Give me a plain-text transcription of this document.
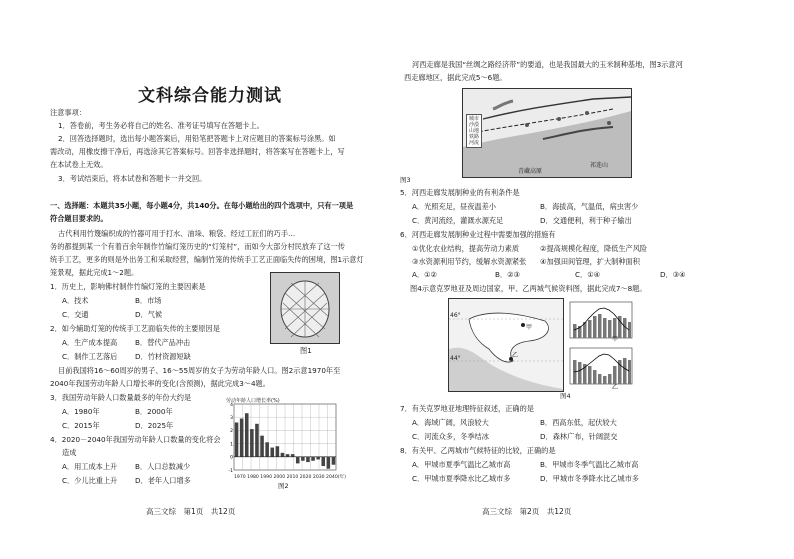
文科综合能力测试
注意事项：
1．答卷前，考生务必将自己的姓名、准考证号填写在答题卡上。
2．回答选择题时，选出每小题答案后，用铅笔把答题卡上对应题目的答案标号涂黑。如
需改动，用橡皮擦干净后，再选涂其它答案标号。回答非选择题时，将答案写在答题卡上，写
在本试卷上无效。
3．考试结束后，将本试卷和答题卡一并交回。
一、选择题：本题共35小题，每小题4分，共140分。在每小题给出的四个选项中，只有一项是
符合题目要求的。
古代利用竹篾编织成的竹器可用于打水、油垛、粮袋、经过工匠们的巧手…
务的都提到某一个有着百余年制作竹编灯笼历史的“灯笼村”，而如今大部分村民放弃了这一传
统手工艺，更多的则是外出务工和采取经营，编制竹笼的传统手工艺正面临失传的困境，图1示意灯
笼景观，据此完成1～2题。
1．历史上，影响佛村制作竹编灯笼的主要因素是
A．技术	B．市场
C．交通	D．气候
2．如今辅助灯笼的传统手工艺面临失传的主要原因是
A．生产成本提高 B．替代产品冲击
C．制作工艺落后 D．竹材资源短缺
图1
目前我国将16～60周岁的男子、16～55周岁的女子为劳动年龄人口。图2示意1970年至
2040年我国劳动年龄人口增长率的变化(含预测)，据此完成3～4题。
3．我国劳动年龄人口数量最多的年份大约是
A．1980年	B．2000年
C．2015年	D．2025年
4．2020－2040年我国劳动年龄人口数量的变化将会
造成
A．用工成本上升 B．人口总数减少
C．少儿比重上升 D．老年人口增多
4
3
2
1
0
-1
劳动年龄人口增长率(%)
1970 1980 1990 2000 2010 2020 2030 2040(年)
图2
高三文综　第1页　共12页
河西走廊是我国“丝绸之路经济带”的要道，也是我国最大的玉米制种基地，图3示意河
西走廊地区，据此完成5～6题。
城市
沙漠
山地
铁路
河流
祁连山
青藏高原
图3
5．河西走廊发展制种业的有利条件是
A．光照充足，昼夜温差小	B．海拔高，气温低，病虫害少
C．黄河流经，灌溉水源充足	D．交通便利，利于种子输出
6．河西走廊发展制种业过程中需要加强的措施有
①优化农业结构，提高劳动力素质	②提高规模化程度，降低生产风险
③水资源利用节约，缓解水资源紧张 ④加强田间管理，扩大制种面积
A．①②	B．②③	C．①④	D．③④
图4示意克罗地亚及周边国家，甲、乙两城气候资料图，据此完成7～8题。
46°
44°
甲
乙
甲
乙
图4
7．有关克罗地亚地理特征叙述，正确的是
A．海域广阔，风浪较大	B．西高东低，起伏较大
C．河流众多，冬季结冰	D．森林广布，针阔混交
8．有关甲、乙两城市气候特征的比较，正确的是
A．甲城市夏季气温比乙城市高	B．甲城市冬季气温比乙城市高
C．甲城市夏季降水比乙城市多	D．甲城市冬季降水比乙城市多
高三文综　第2页　共12页
